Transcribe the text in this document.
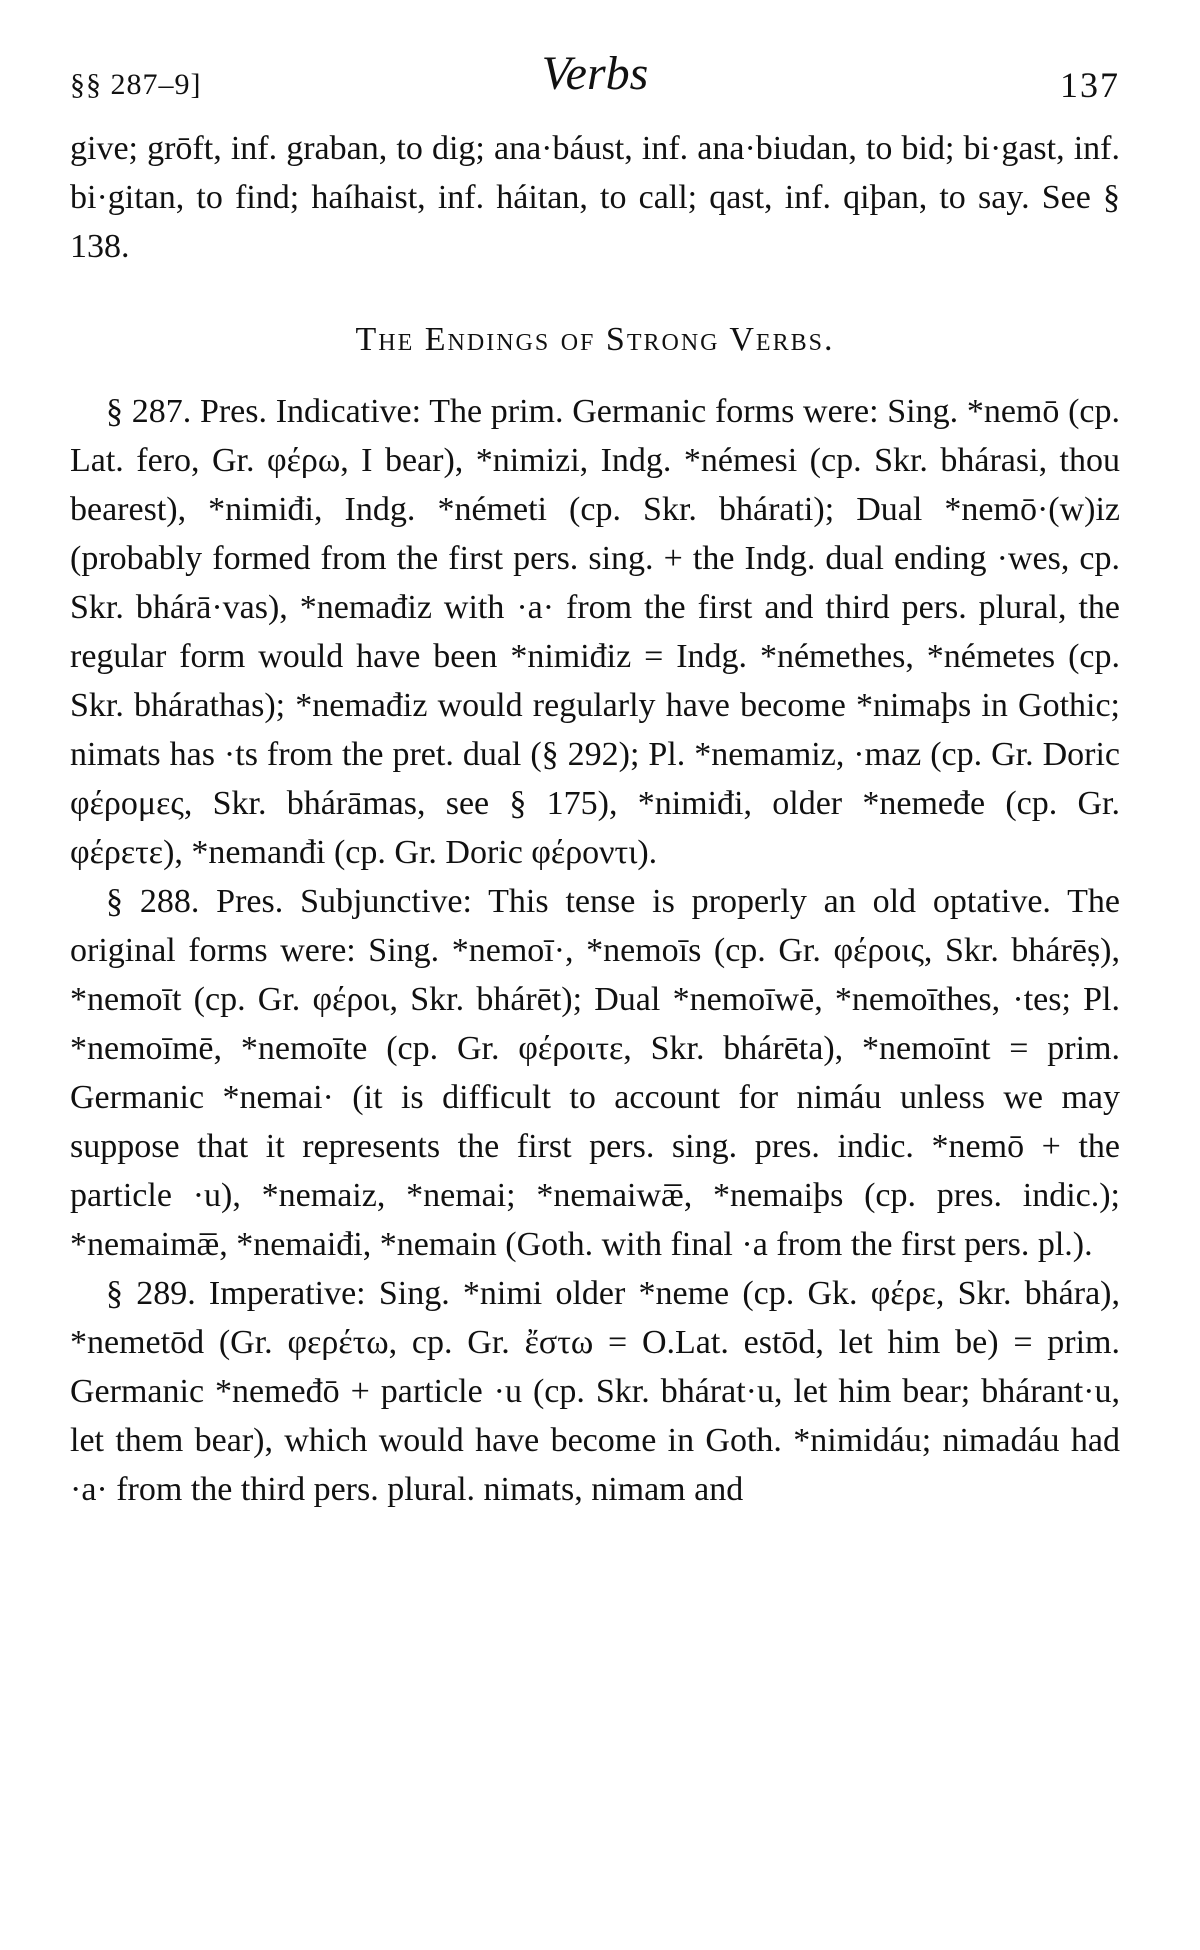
§§ 287–9]	Verbs	137

give; grōft, inf. graban, to dig; ana·báust, inf. ana·biudan, to bid; bi·gast, inf. bi·gitan, to find; haíhaist, inf. háitan, to call; qast, inf. qiþan, to say. See § 138.

The Endings of Strong Verbs.

§ 287. Pres. Indicative: The prim. Germanic forms were: Sing. *nemō (cp. Lat. fero, Gr. φέρω, I bear), *nimizi, Indg. *némesi (cp. Skr. bhárasi, thou bearest), *nimiđi, Indg. *németi (cp. Skr. bhárati); Dual *nemō·(w)iz (probably formed from the first pers. sing. + the Indg. dual ending ·wes, cp. Skr. bhárā·vas), *nemađiz with ·a· from the first and third pers. plural, the regular form would have been *nimiđiz = Indg. *némethes, *németes (cp. Skr. bhárathas); *nemađiz would regularly have become *nimaþs in Gothic; nimats has ·ts from the pret. dual (§ 292); Pl. *nemamiz, ·maz (cp. Gr. Doric φέρομες, Skr. bhárāmas, see § 175), *nimiđi, older *nemeđe (cp. Gr. φέρετε), *nemanđi (cp. Gr. Doric φέροντι).

§ 288. Pres. Subjunctive: This tense is properly an old optative. The original forms were: Sing. *nemoī·, *nemoīs (cp. Gr. φέροις, Skr. bhárēṣ), *nemoīt (cp. Gr. φέροι, Skr. bhárēt); Dual *nemoīwē, *nemoīthes, ·tes; Pl. *nemoīmē, *nemoīte (cp. Gr. φέροιτε, Skr. bhárēta), *nemoīnt = prim. Germanic *nemai· (it is difficult to account for nimáu unless we may suppose that it represents the first pers. sing. pres. indic. *nemō + the particle ·u), *nemaiz, *nemai; *nemaiwæ̅, *nemaiþs (cp. pres. indic.); *nemaimæ̅, *nemaiđi, *nemain (Goth. with final ·a from the first pers. pl.).

§ 289. Imperative: Sing. *nimi older *neme (cp. Gk. φέρε, Skr. bhára), *nemetōd (Gr. φερέτω, cp. Gr. ἔστω = O.Lat. estōd, let him be) = prim. Germanic *nemeđō + particle ·u (cp. Skr. bhárat·u, let him bear; bhárant·u, let them bear), which would have become in Goth. *nimidáu; nimadáu had ·a· from the third pers. plural. nimats, nimam and
